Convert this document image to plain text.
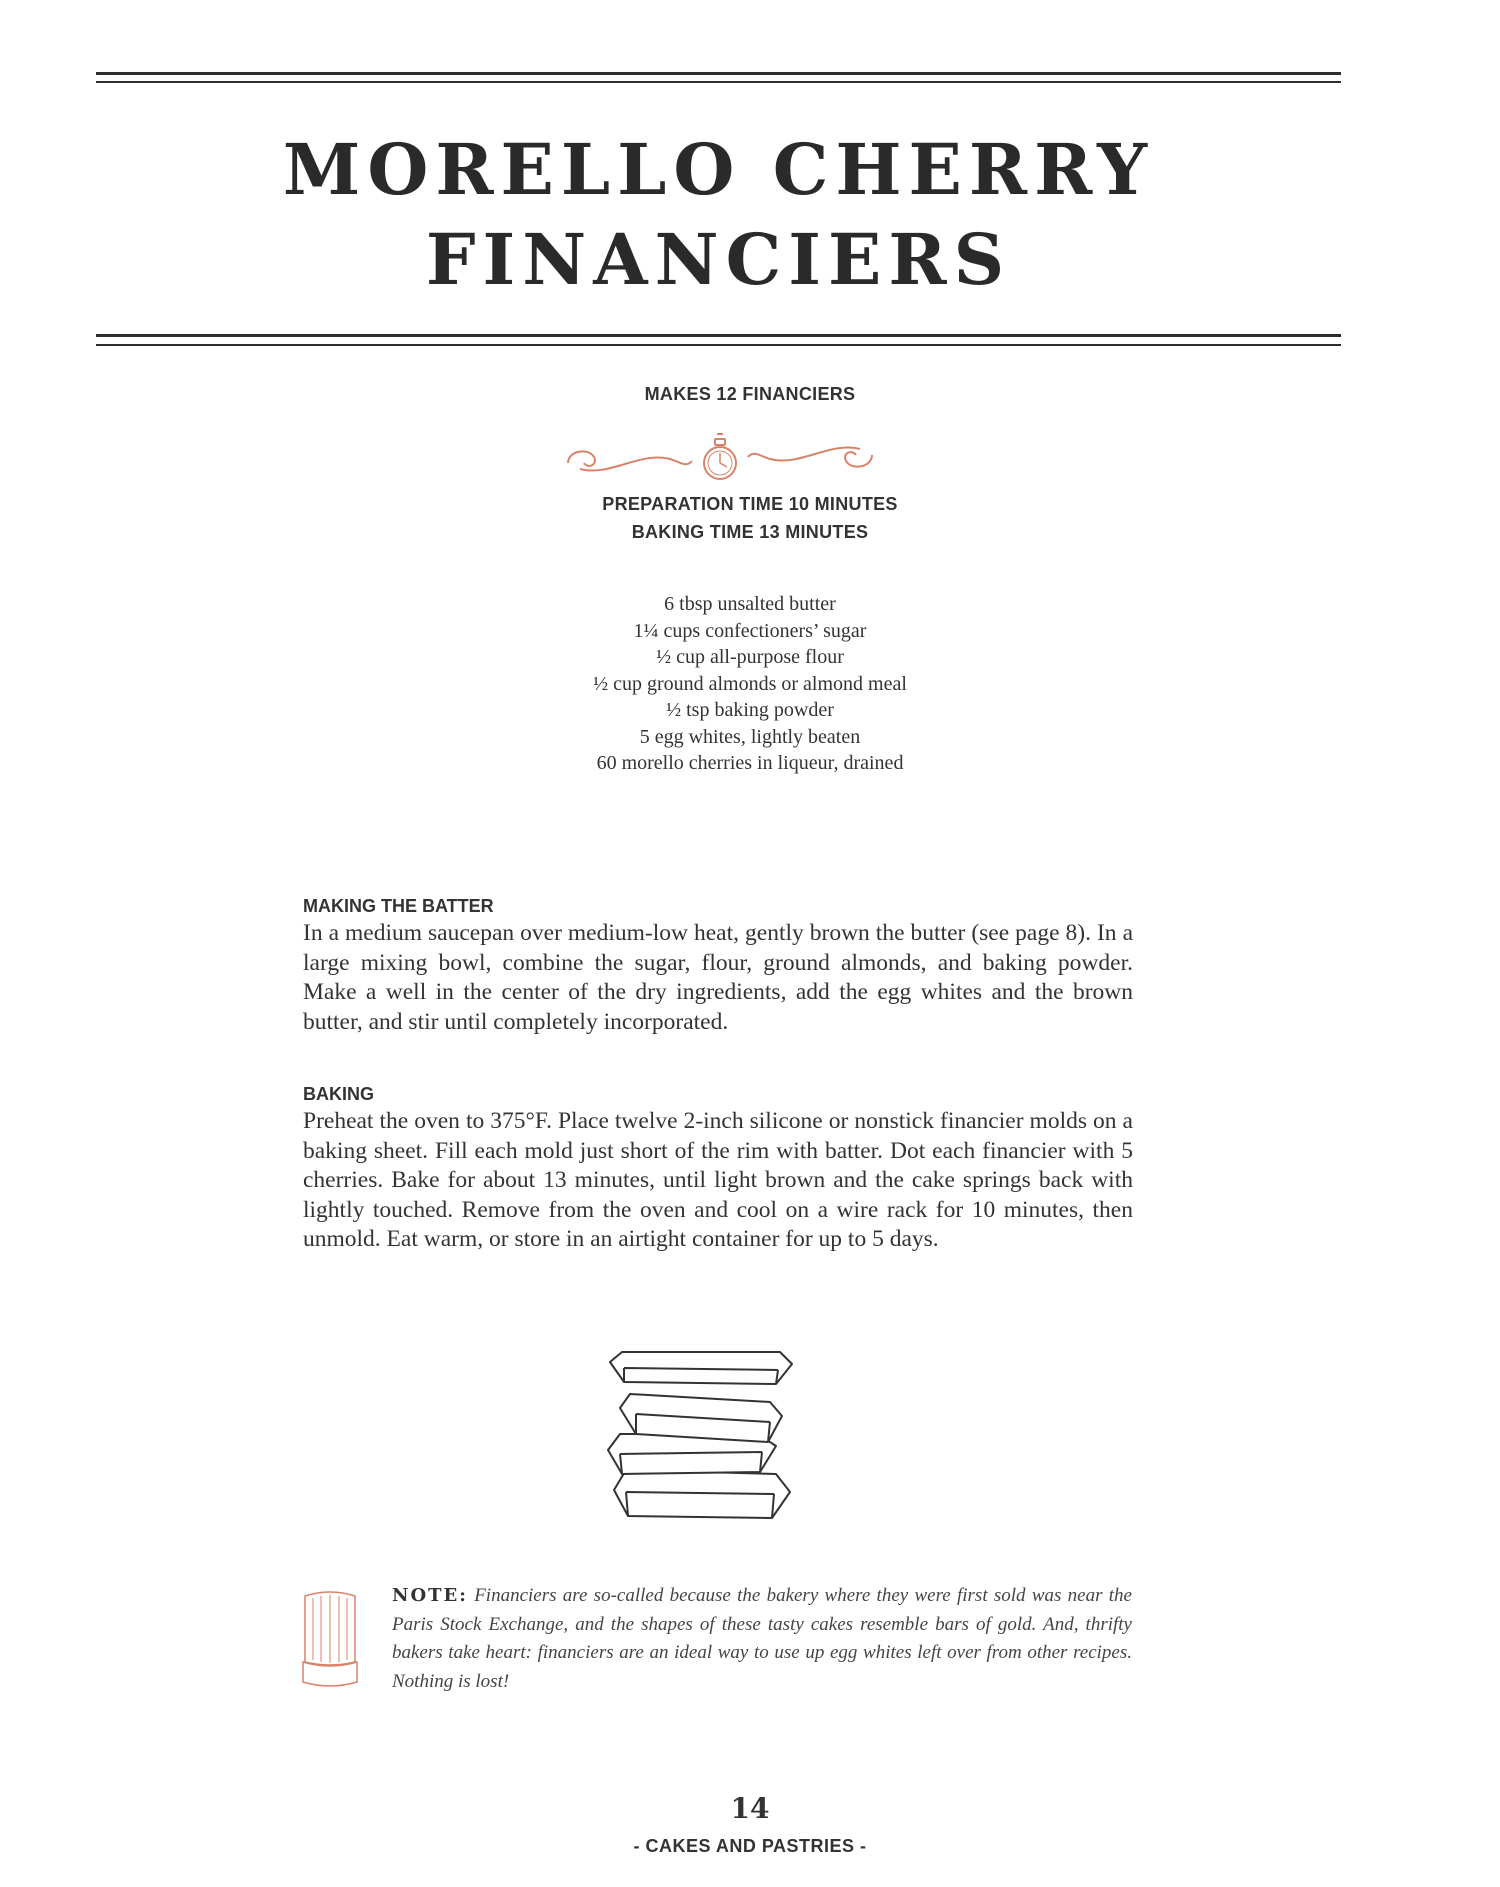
MORELLO CHERRY
FINANCIERS
MAKES 12 FINANCIERS
PREPARATION TIME 10 MINUTES
BAKING TIME 13 MINUTES
6 tbsp unsalted butter
1¼ cups confectioners’ sugar
½ cup all-purpose flour
½ cup ground almonds or almond meal
½ tsp baking powder
5 egg whites, lightly beaten
60 morello cherries in liqueur, drained
MAKING THE BATTER

In a medium saucepan over medium-low heat, gently brown the butter (see page 8). In a large mixing bowl, combine the sugar, flour, ground almonds, and baking powder. Make a well in the center of the dry ingredients, add the egg whites and the brown butter, and stir until completely incorporated.

BAKING

Preheat the oven to 375°F. Place twelve 2-inch silicone or nonstick financier molds on a baking sheet. Fill each mold just short of the rim with batter. Dot each financier with 5 cherries. Bake for about 13 minutes, until light brown and the cake springs back with lightly touched. Remove from the oven and cool on a wire rack for 10 minutes, then unmold. Eat warm, or store in an airtight container for up to 5 days.

NOTE: Financiers are so-called because the bakery where they were first sold was near the Paris Stock Exchange, and the shapes of these tasty cakes resemble bars of gold. And, thrifty bakers take heart: financiers are an ideal way to use up egg whites left over from other recipes. Nothing is lost!

14
- CAKES AND PASTRIES -
